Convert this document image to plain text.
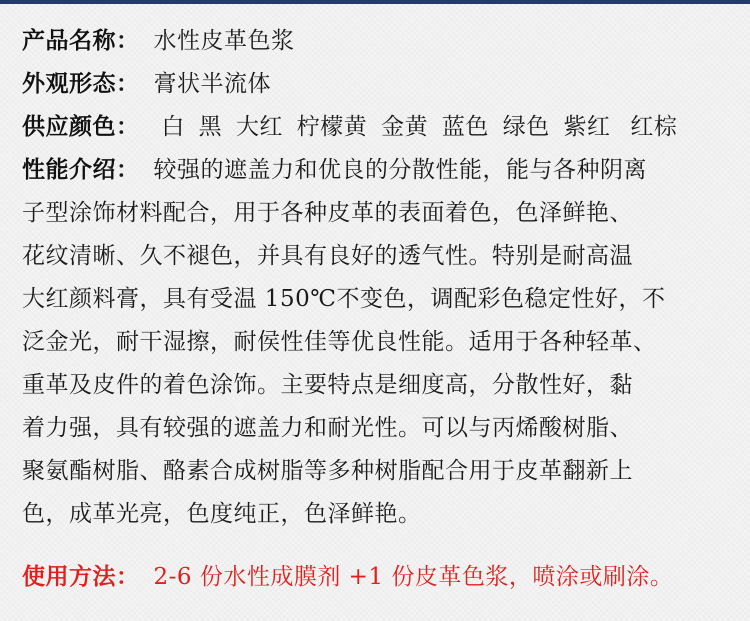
产品名称： 水性皮革色浆
外观形态： 膏状半流体
供应颜色： 白 黑 大红 柠檬黄 金黄 蓝色 绿色 紫红 红棕
性能介绍： 较强的遮盖力和优良的分散性能，能与各种阴离
子型涂饰材料配合，用于各种皮革的表面着色，色泽鲜艳、
花纹清晰、久不褪色，并具有良好的透气性。特别是耐高温
大红颜料膏，具有受温 150℃不变色，调配彩色稳定性好，不
泛金光，耐干湿擦，耐侯性佳等优良性能。适用于各种轻革、
重革及皮件的着色涂饰。主要特点是细度高，分散性好，黏
着力强，具有较强的遮盖力和耐光性。可以与丙烯酸树脂、
聚氨酯树脂、酪素合成树脂等多种树脂配合用于皮革翻新上
色，成革光亮，色度纯正，色泽鲜艳。
使用方法： 2-6 份水性成膜剂 +1 份皮革色浆，喷涂或刷涂。
